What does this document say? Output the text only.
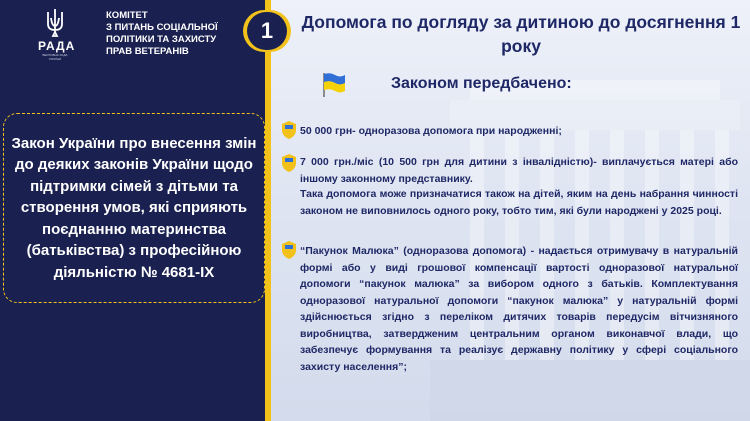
РАДА
ВЕРХОВНА РАДА УКРАЇНИ
КОМІТЕТ
З ПИТАНЬ СОЦІАЛЬНОЇ
ПОЛІТИКИ ТА ЗАХИСТУ
ПРАВ ВЕТЕРАНІВ
1

Закон України про внесення змін до деяких законів України щодо підтримки сімей з дітьми та створення умов, які сприяють поєднанню материнства (батьківства) з професійною діяльністю № 4681-IX

Допомога по догляду за дитиною до досягнення 1 року
Законом передбачено:

50 000 грн- одноразова допомога при народженні;

7 000 грн./міс (10 500 грн для дитини з інвалідністю)- виплачується матері або іншому законному представнику.

Така допомога може призначатися також на дітей, яким на день набрання чинності законом не виповнилось одного року, тобто тим, які були народжені у 2025 році.

“Пакунок Малюка” (одноразова допомога) - надається отримувачу в натуральній формі або у виді грошової компенсації вартості одноразової натуральної допомоги “пакунок малюка” за вибором одного з батьків. Комплектування одноразової натуральної допомоги “пакунок малюка” у натуральній формі здійснюється згідно з переліком дитячих товарів передусім вітчизняного виробництва, затвердженим центральним органом виконавчої влади, що забезпечує формування та реалізує державну політику у сфері соціального захисту населення”;
